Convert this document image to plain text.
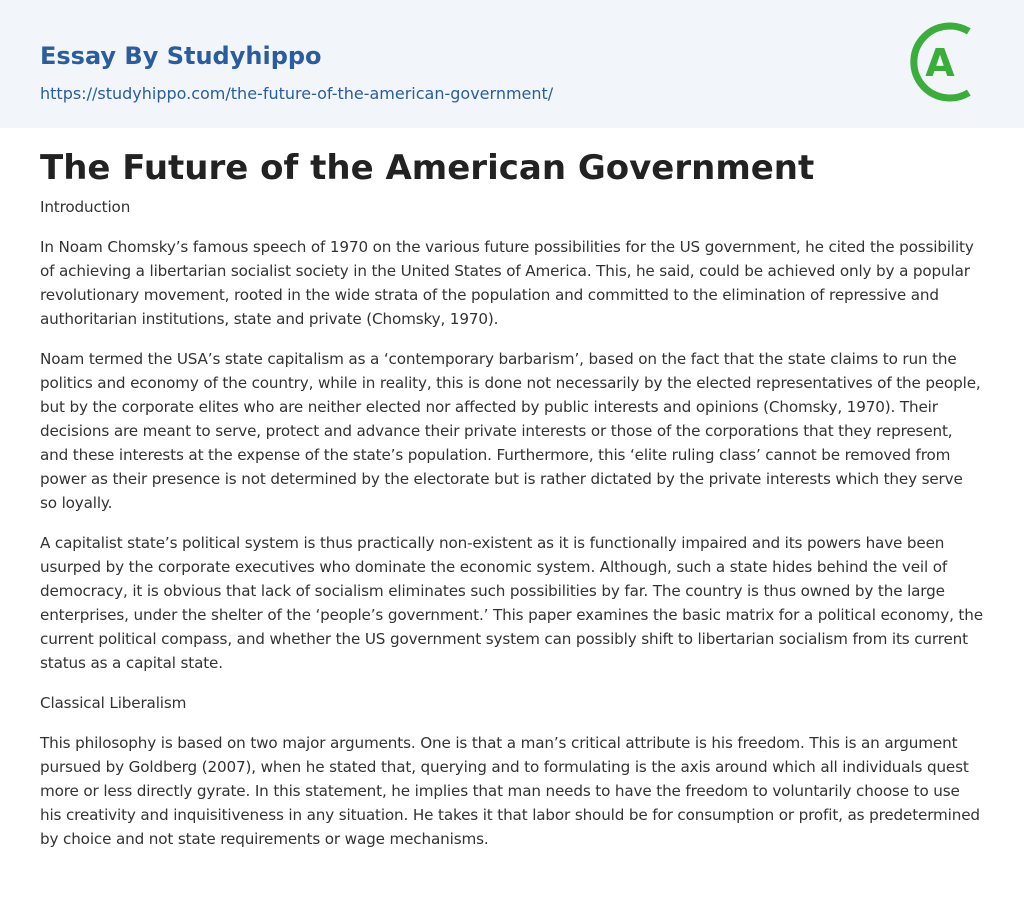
Essay By Studyhippo
https://studyhippo.com/the-future-of-the-american-government/
A
The Future of the American Government

Introduction

In Noam Chomsky’s famous speech of 1970 on the various future possibilities for the US government, he cited the possibility of achieving a libertarian socialist society in the United States of America. This, he said, could be achieved only by a popular revolutionary movement, rooted in the wide strata of the population and committed to the elimination of repressive and authoritarian institutions, state and private (Chomsky, 1970).

Noam termed the USA’s state capitalism as a ‘contemporary barbarism’, based on the fact that the state claims to run the politics and economy of the country, while in reality, this is done not necessarily by the elected representatives of the people, but by the corporate elites who are neither elected nor affected by public interests and opinions (Chomsky, 1970). Their decisions are meant to serve, protect and advance their private interests or those of the corporations that they represent, and these interests at the expense of the state’s population. Furthermore, this ‘elite ruling class’ cannot be removed from power as their presence is not determined by the electorate but is rather dictated by the private interests which they serve so loyally.

A capitalist state’s political system is thus practically non-existent as it is functionally impaired and its powers have been usurped by the corporate executives who dominate the economic system. Although, such a state hides behind the veil of democracy, it is obvious that lack of socialism eliminates such possibilities by far. The country is thus owned by the large enterprises, under the shelter of the ‘people’s government.’ This paper examines the basic matrix for a political economy, the current political compass, and whether the US government system can possibly shift to libertarian socialism from its current status as a capital state.

Classical Liberalism

This philosophy is based on two major arguments. One is that a man’s critical attribute is his freedom. This is an argument pursued by Goldberg (2007), when he stated that, querying and to formulating is the axis around which all individuals quest more or less directly gyrate. In this statement, he implies that man needs to have the freedom to voluntarily choose to use his creativity and inquisitiveness in any situation. He takes it that labor should be for consumption or profit, as predetermined by choice and not state requirements or wage mechanisms.
